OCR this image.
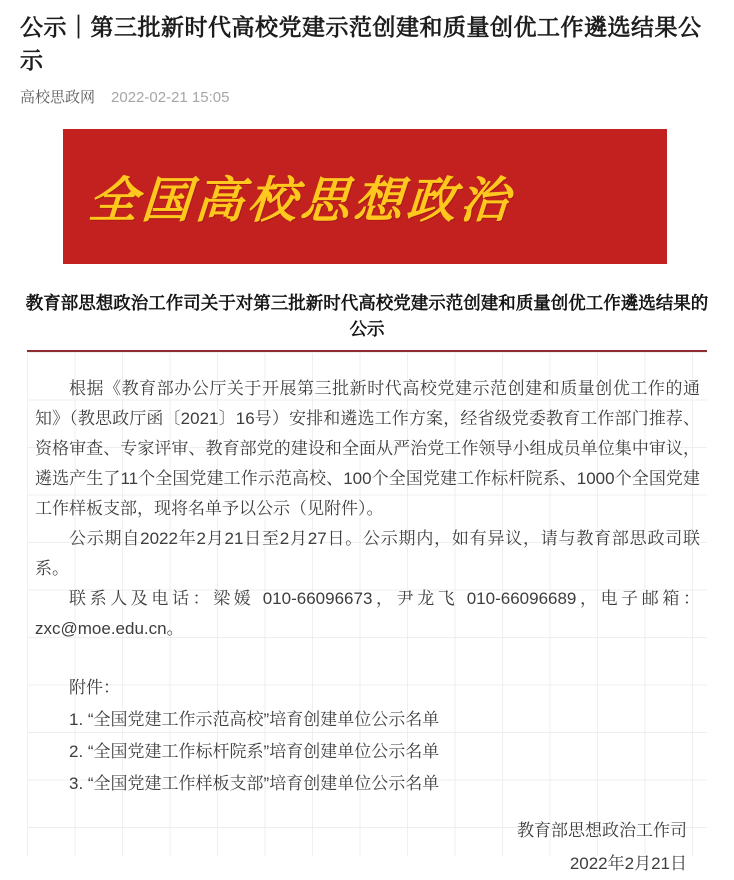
公示｜第三批新时代高校党建示范创建和质量创优工作遴选结果公示
高校思政网 2022-02-21 15:05
全国高校思想政治
教育部思想政治工作司关于对第三批新时代高校党建示范创建和质量创优工作遴选结果的
公示

根据《教育部办公厅关于开展第三批新时代高校党建示范创建和质量创优工作的通知》（教思政厅函〔2021〕16号）安排和遴选工作方案，经省级党委教育工作部门推荐、资格审查、专家评审、教育部党的建设和全面从严治党工作领导小组成员单位集中审议，遴选产生了11个全国党建工作示范高校、100个全国党建工作标杆院系、1000个全国党建工作样板支部，现将名单予以公示（见附件）。

公示期自2022年2月21日至2月27日。公示期内，如有异议，请与教育部思政司联系。

联系人及电话：梁媛 010-66096673，尹龙飞 010-66096689，电子邮箱：zxc@moe.edu.cn。

附件：
1. “全国党建工作示范高校”培育创建单位公示名单
2. “全国党建工作标杆院系”培育创建单位公示名单
3. “全国党建工作样板支部”培育创建单位公示名单
教育部思想政治工作司
2022年2月21日
